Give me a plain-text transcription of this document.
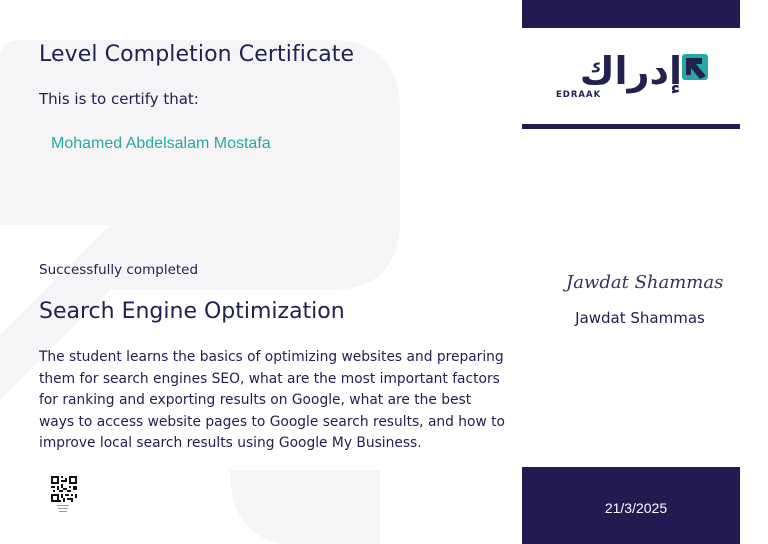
Level Completion Certificate
This is to certify that:
Mohamed Abdelsalam Mostafa
Successfully completed
Search Engine Optimization
The student learns the basics of optimizing websites and preparing
them for search engines SEO, what are the most important factors
for ranking and exporting results on Google, what are the best
ways to access website pages to Google search results, and how to
improve local search results using Google My Business.
إدراك
EDRAAK
Jawdat Shammas
Jawdat Shammas
21/3/2025
